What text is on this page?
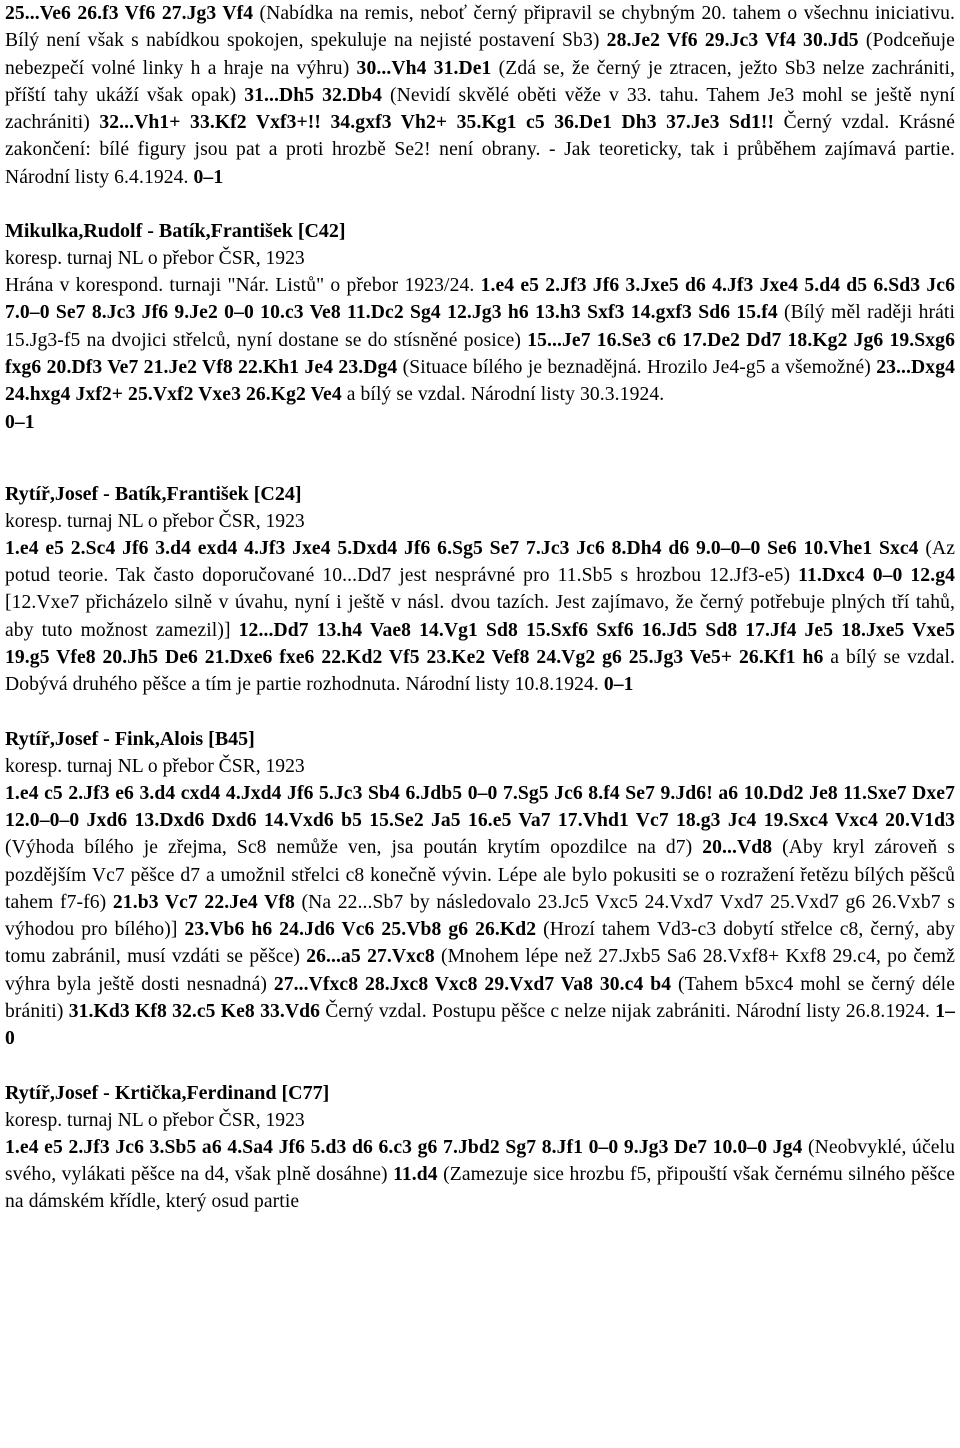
25...Ve6 26.f3 Vf6 27.Jg3 Vf4 (Nabídka na remis, neboť černý připravil se chybným 20. tahem o všechnu iniciativu. Bílý není však s nabídkou spokojen, spekuluje na nejisté postavení Sb3) 28.Je2 Vf6 29.Jc3 Vf4 30.Jd5 (Podceňuje nebezpečí volné linky h a hraje na výhru) 30...Vh4 31.De1 (Zdá se, že černý je ztracen, ježto Sb3 nelze zachrániti, příští tahy ukáží však opak) 31...Dh5 32.Db4 (Nevidí skvělé oběti věže v 33. tahu. Tahem Je3 mohl se ještě nyní zachrániti) 32...Vh1+ 33.Kf2 Vxf3+!! 34.gxf3 Vh2+ 35.Kg1 c5 36.De1 Dh3 37.Je3 Sd1!! Černý vzdal. Krásné zakončení: bílé figury jsou pat a proti hrozbě Se2! není obrany. - Jak teoreticky, tak i průběhem zajímavá partie. Národní listy 6.4.1924. 0–1

Mikulka,Rudolf - Batík,František [C42]

koresp. turnaj NL o přebor ČSR, 1923

Hrána v korespond. turnaji "Nár. Listů" o přebor 1923/24. 1.e4 e5 2.Jf3 Jf6 3.Jxe5 d6 4.Jf3 Jxe4 5.d4 d5 6.Sd3 Jc6 7.0–0 Se7 8.Jc3 Jf6 9.Je2 0–0 10.c3 Ve8 11.Dc2 Sg4 12.Jg3 h6 13.h3 Sxf3 14.gxf3 Sd6 15.f4 (Bílý měl raději hráti 15.Jg3-f5 na dvojici střelců, nyní dostane se do stísněné posice) 15...Je7 16.Se3 c6 17.De2 Dd7 18.Kg2 Jg6 19.Sxg6 fxg6 20.Df3 Ve7 21.Je2 Vf8 22.Kh1 Je4 23.Dg4 (Situace bílého je beznadějná. Hrozilo Je4-g5 a všemožné) 23...Dxg4 24.hxg4 Jxf2+ 25.Vxf2 Vxe3 26.Kg2 Ve4 a bílý se vzdal. Národní listy 30.3.1924.
0–1

Rytíř,Josef - Batík,František [C24]

koresp. turnaj NL o přebor ČSR, 1923

1.e4 e5 2.Sc4 Jf6 3.d4 exd4 4.Jf3 Jxe4 5.Dxd4 Jf6 6.Sg5 Se7 7.Jc3 Jc6 8.Dh4 d6 9.0–0–0 Se6 10.Vhe1 Sxc4 (Az potud teorie. Tak často doporučované 10...Dd7 jest nesprávné pro 11.Sb5 s hrozbou 12.Jf3-e5) 11.Dxc4 0–0 12.g4 [12.Vxe7 přicházelo silně v úvahu, nyní i ještě v násl. dvou tazích. Jest zajímavo, že černý potřebuje plných tří tahů, aby tuto možnost zamezil)] 12...Dd7 13.h4 Vae8 14.Vg1 Sd8 15.Sxf6 Sxf6 16.Jd5 Sd8 17.Jf4 Je5 18.Jxe5 Vxe5 19.g5 Vfe8 20.Jh5 De6 21.Dxe6 fxe6 22.Kd2 Vf5 23.Ke2 Vef8 24.Vg2 g6 25.Jg3 Ve5+ 26.Kf1 h6 a bílý se vzdal. Dobývá druhého pěšce a tím je partie rozhodnuta. Národní listy 10.8.1924. 0–1

Rytíř,Josef - Fink,Alois [B45]

koresp. turnaj NL o přebor ČSR, 1923

1.e4 c5 2.Jf3 e6 3.d4 cxd4 4.Jxd4 Jf6 5.Jc3 Sb4 6.Jdb5 0–0 7.Sg5 Jc6 8.f4 Se7 9.Jd6! a6 10.Dd2 Je8 11.Sxe7 Dxe7 12.0–0–0 Jxd6 13.Dxd6 Dxd6 14.Vxd6 b5 15.Se2 Ja5 16.e5 Va7 17.Vhd1 Vc7 18.g3 Jc4 19.Sxc4 Vxc4 20.V1d3 (Výhoda bílého je zřejma, Sc8 nemůže ven, jsa poután krytím opozdilce na d7) 20...Vd8 (Aby kryl zároveň s pozdějším Vc7 pěšce d7 a umožnil střelci c8 konečně vývin. Lépe ale bylo pokusiti se o rozražení řetězu bílých pěšců tahem f7-f6) 21.b3 Vc7 22.Je4 Vf8 (Na 22...Sb7 by následovalo 23.Jc5 Vxc5 24.Vxd7 Vxd7 25.Vxd7 g6 26.Vxb7 s výhodou pro bílého)] 23.Vb6 h6 24.Jd6 Vc6 25.Vb8 g6 26.Kd2 (Hrozí tahem Vd3-c3 dobytí střelce c8, černý, aby tomu zabránil, musí vzdáti se pěšce) 26...a5 27.Vxc8 (Mnohem lépe než 27.Jxb5 Sa6 28.Vxf8+ Kxf8 29.c4, po čemž výhra byla ještě dosti nesnadná) 27...Vfxc8 28.Jxc8 Vxc8 29.Vxd7 Va8 30.c4 b4 (Tahem b5xc4 mohl se černý déle brániti) 31.Kd3 Kf8 32.c5 Ke8 33.Vd6 Černý vzdal. Postupu pěšce c nelze nijak zabrániti. Národní listy 26.8.1924. 1–0

Rytíř,Josef - Krtička,Ferdinand [C77]

koresp. turnaj NL o přebor ČSR, 1923

1.e4 e5 2.Jf3 Jc6 3.Sb5 a6 4.Sa4 Jf6 5.d3 d6 6.c3 g6 7.Jbd2 Sg7 8.Jf1 0–0 9.Jg3 De7 10.0–0 Jg4 (Neobvyklé, účelu svého, vylákati pěšce na d4, však plně dosáhne) 11.d4 (Zamezuje sice hrozbu f5, připouští však černému silného pěšce na dámském křídle, který osud partie
